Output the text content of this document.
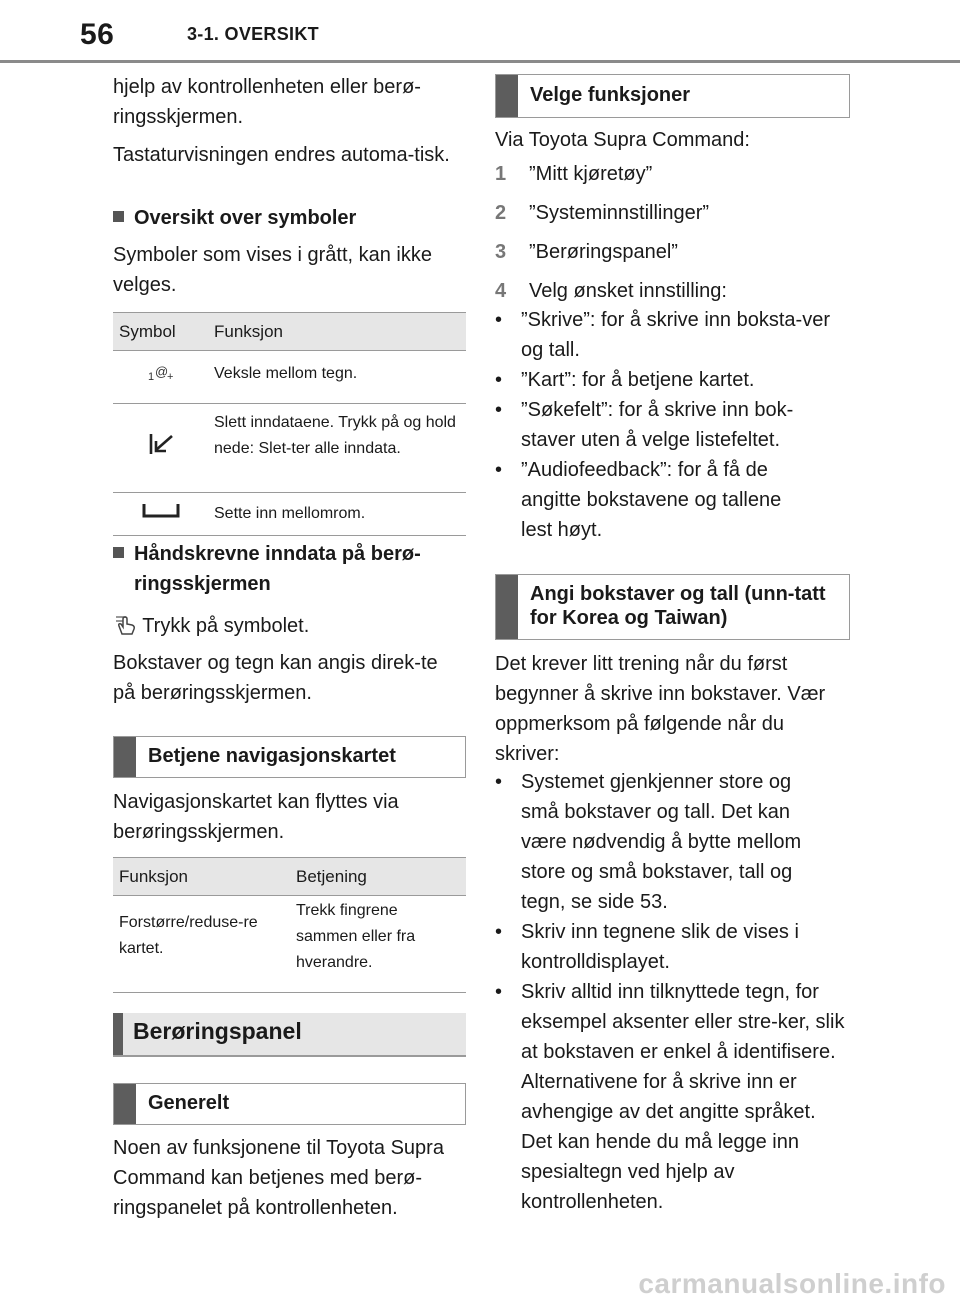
56	3-1. OVERSIKT

hjelp av kontrollenheten eller berø-ringsskjermen.

Tastaturvisningen endres automa-tisk.

Oversikt over symboler

Symboler som vises i grått, kan ikke velges.

Symbol	Funksjon

1 @
+	Veksle mellom tegn.
	Slett inndataene. Trykk på og hold nede: Slet-ter alle inndata.
	Sette inn mellomrom.
Håndskrevne inndata på berø-ringsskjermen
Trykk på symbolet.

Bokstaver og tegn kan angis direk-te på berøringsskjermen.

Betjene navigasjonskartet

Navigasjonskartet kan flyttes via berøringsskjermen.

Funksjon	Betjening
Forstørre/reduse-re kartet.	Trekk fingrene sammen eller fra hverandre.
Berøringspanel
Generelt

Noen av funksjonene til Toyota Supra Command kan betjenes med berø-ringspanelet på kontrollenheten.

Velge funksjoner

Via Toyota Supra Command:

1 ”Mitt kjøretøy”

2 ”Systeminnstillinger”

3 ”Berøringspanel”

4 Velg ønsket innstilling:

• ”Skrive”: for å skrive inn boksta-ver og tall.

• ”Kart”: for å betjene kartet.

• ”Søkefelt”: for å skrive inn bok-staver uten å velge listefeltet.

• ”Audiofeedback”: for å få de angitte bokstavene og tallene lest høyt.

Angi bokstaver og tall (unn-tatt for Korea og Taiwan)

Det krever litt trening når du først begynner å skrive inn bokstaver. Vær oppmerksom på følgende når du skriver:

• Systemet gjenkjenner store og små bokstaver og tall. Det kan være nødvendig å bytte mellom store og små bokstaver, tall og tegn, se side 53.

• Skriv inn tegnene slik de vises i kontrolldisplayet.

• Skriv alltid inn tilknyttede tegn, for eksempel aksenter eller stre-ker, slik at bokstaven er enkel å identifisere. Alternativene for å skrive inn er avhengige av det angitte språket. Det kan hende du må legge inn spesialtegn ved hjelp av kontrollenheten.

carmanualsonline.info
